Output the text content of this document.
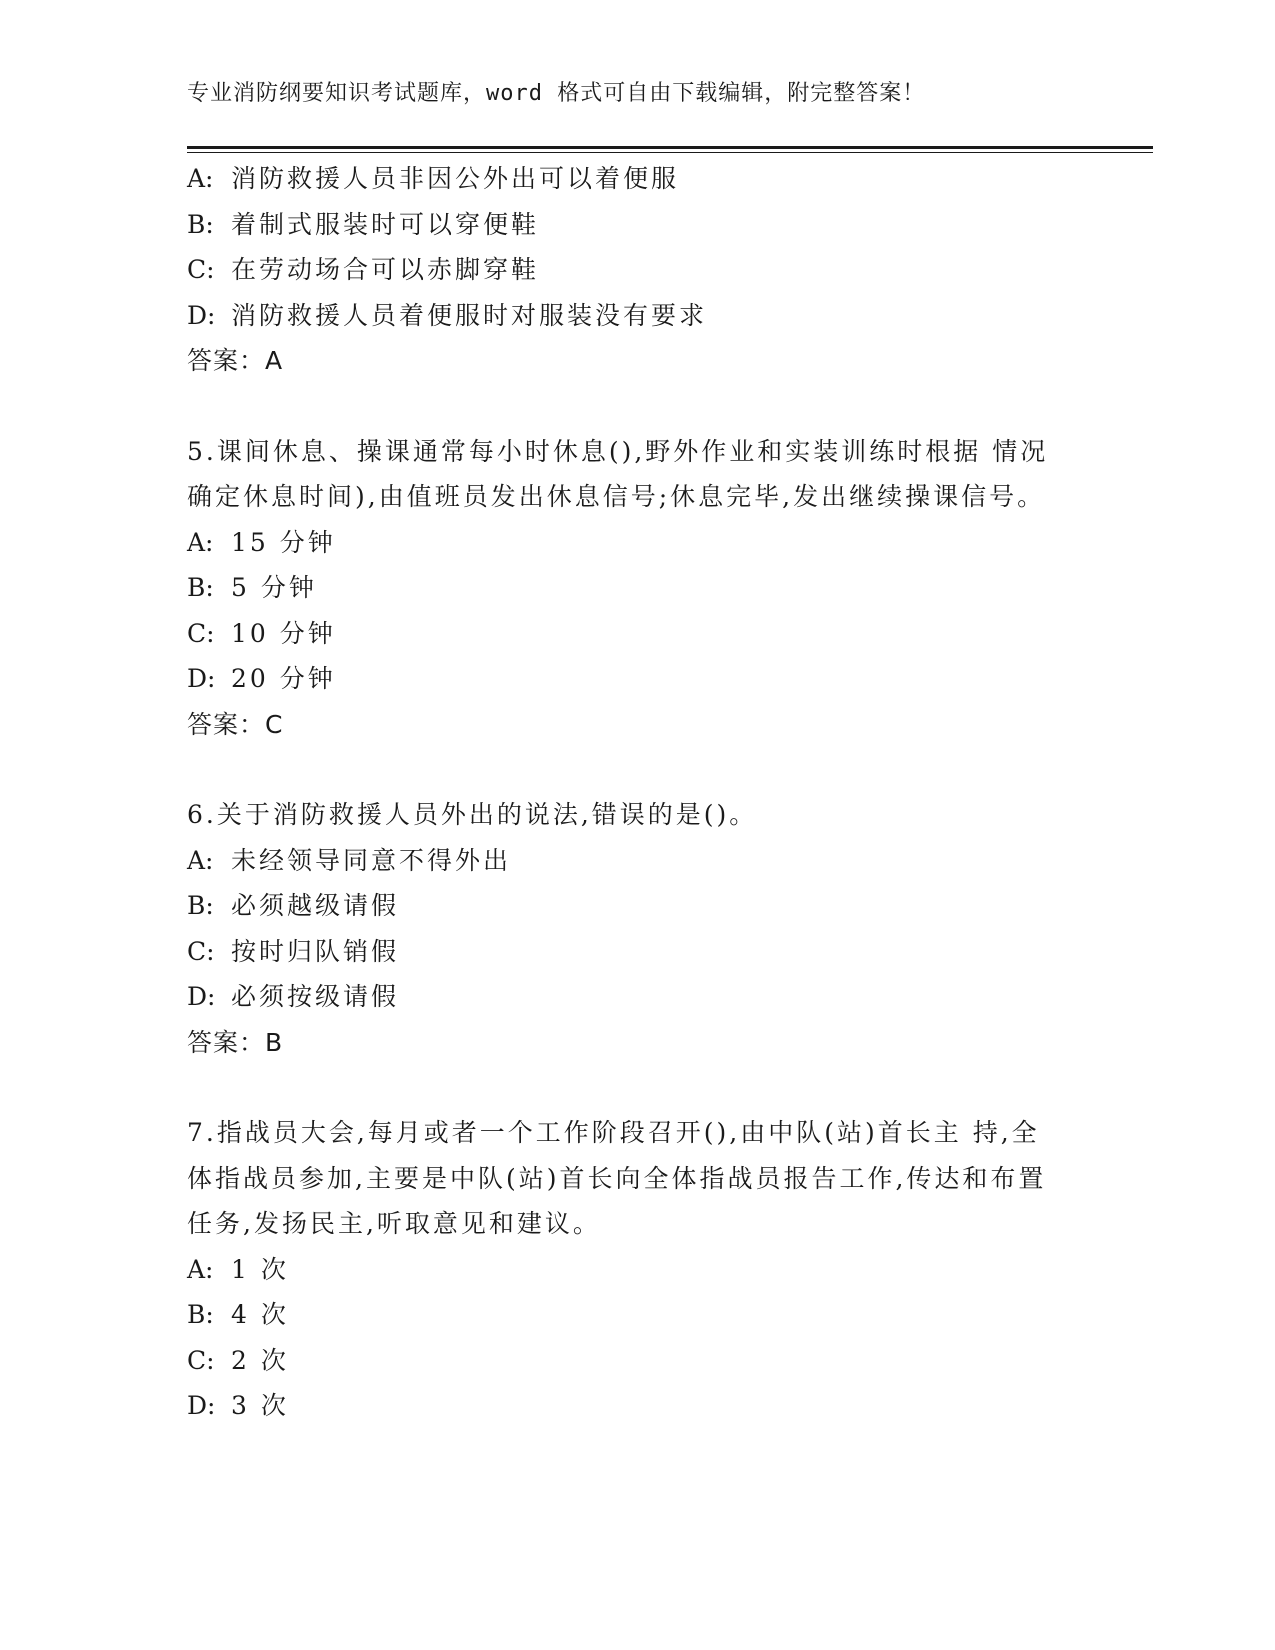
专业消防纲要知识考试题库，word 格式可自由下载编辑，附完整答案！
A: 消防救援人员非因公外出可以着便服
B: 着制式服装时可以穿便鞋
C: 在劳动场合可以赤脚穿鞋
D: 消防救援人员着便服时对服装没有要求
答案：A
5.课间休息、操课通常每小时休息(),野外作业和实装训练时根据 情况确定休息时间),由值班员发出休息信号;休息完毕,发出继续操课信号。
A: 15 分钟
B: 5 分钟
C: 10 分钟
D: 20 分钟
答案：C
6.关于消防救援人员外出的说法,错误的是()。
A: 未经领导同意不得外出
B: 必须越级请假
C: 按时归队销假
D: 必须按级请假
答案：B
7.指战员大会,每月或者一个工作阶段召开(),由中队(站)首长主 持,全体指战员参加,主要是中队(站)首长向全体指战员报告工作,传达和布置任务,发扬民主,听取意见和建议。
A: 1 次
B: 4 次
C: 2 次
D: 3 次
